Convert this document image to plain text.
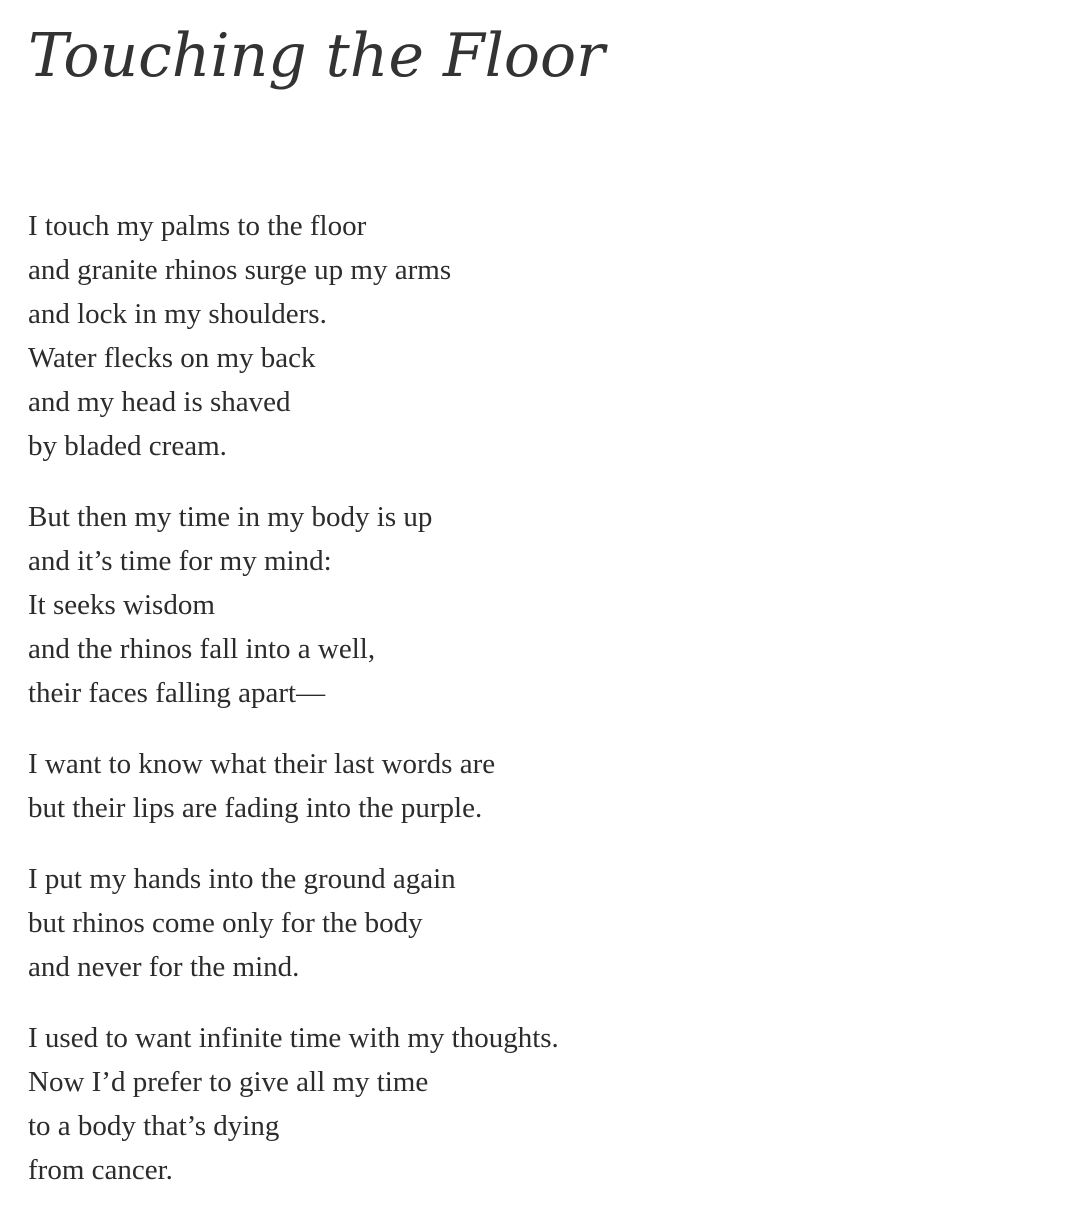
Touching the Floor
I touch my palms to the floor
and granite rhinos surge up my arms
and lock in my shoulders.
Water flecks on my back
and my head is shaved
by bladed cream.
But then my time in my body is up
and it’s time for my mind:
It seeks wisdom
and the rhinos fall into a well,
their faces falling apart—
I want to know what their last words are
but their lips are fading into the purple.
I put my hands into the ground again
but rhinos come only for the body
and never for the mind.
I used to want infinite time with my thoughts.
Now I’d prefer to give all my time
to a body that’s dying
from cancer.
